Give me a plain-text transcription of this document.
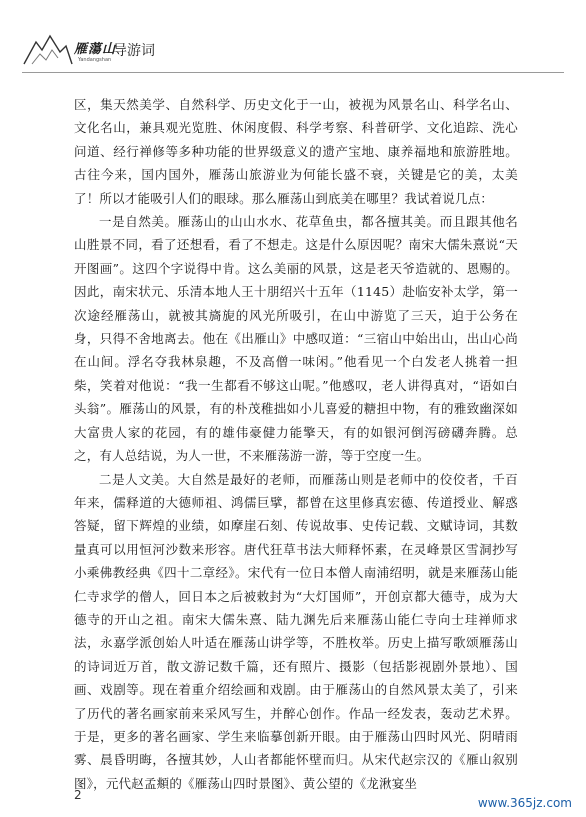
雁蕩山
Yandangshan
导游词

区，集天然美学、自然科学、历史文化于一山，被视为风景名山、科学名山、文化名山，兼具观光览胜、休闲度假、科学考察、科普研学、文化追踪、洗心问道、经行禅修等多种功能的世界级意义的遗产宝地、康养福地和旅游胜地。古往今来，国内国外，雁荡山旅游业为何能长盛不衰，关键是它的美，太美了！所以才能吸引人们的眼球。那么雁荡山到底美在哪里？我试着说几点：

一是自然美。雁荡山的山山水水、花草鱼虫，都各擅其美。而且跟其他名山胜景不同，看了还想看，看了不想走。这是什么原因呢？南宋大儒朱熹说“天开图画”。这四个字说得中肯。这么美丽的风景，这是老天爷造就的、恩赐的。因此，南宋状元、乐清本地人王十朋绍兴十五年（1145）赴临安补太学，第一次途经雁荡山，就被其旖旎的风光所吸引，在山中游览了三天，迫于公务在身，只得不舍地离去。他在《出雁山》中感叹道：“三宿山中始出山，出山心尚在山间。浮名夺我林泉趣，不及高僧一味闲。”他看见一个白发老人挑着一担柴，笑着对他说：“我一生都看不够这山呢。”他感叹，老人讲得真对，“语如白头翁”。雁荡山的风景，有的朴茂稚拙如小儿喜爱的糖担中物，有的雅致幽深如大富贵人家的花园，有的雄伟豪健力能擎天，有的如银河倒泻磅礴奔腾。总之，有人总结说，为人一世，不来雁荡游一游，等于空度一生。

二是人文美。大自然是最好的老师，而雁荡山则是老师中的佼佼者，千百年来，儒释道的大德师祖、鸿儒巨擘，都曾在这里修真宏德、传道授业、解惑答疑，留下辉煌的业绩，如摩崖石刻、传说故事、史传记载、文赋诗词，其数量真可以用恒河沙数来形容。唐代狂草书法大师释怀素，在灵峰景区雪洞抄写小乘佛教经典《四十二章经》。宋代有一位日本僧人南浦绍明，就是来雁荡山能仁寺求学的僧人，回日本之后被敕封为“大灯国师”，开创京都大德寺，成为大德寺的开山之祖。南宋大儒朱熹、陆九渊先后来雁荡山能仁寺向士珪禅师求法，永嘉学派创始人叶适在雁荡山讲学等，不胜枚举。历史上描写歌颂雁荡山的诗词近万首，散文游记数千篇，还有照片、摄影（包括影视剧外景地）、国画、戏剧等。现在着重介绍绘画和戏剧。由于雁荡山的自然风景太美了，引来了历代的著名画家前来采风写生，并醉心创作。作品一经发表，轰动艺术界。于是，更多的著名画家、学生来临摹创新开眼。由于雁荡山四时风光、阴晴雨雾、晨昏明晦，各擅其妙，人山者都能怀壁而归。从宋代赵宗汉的《雁山叙别图》，元代赵孟頫的《雁荡山四时景图》、黄公望的《龙湫宴坐

2
www.365jz.com
